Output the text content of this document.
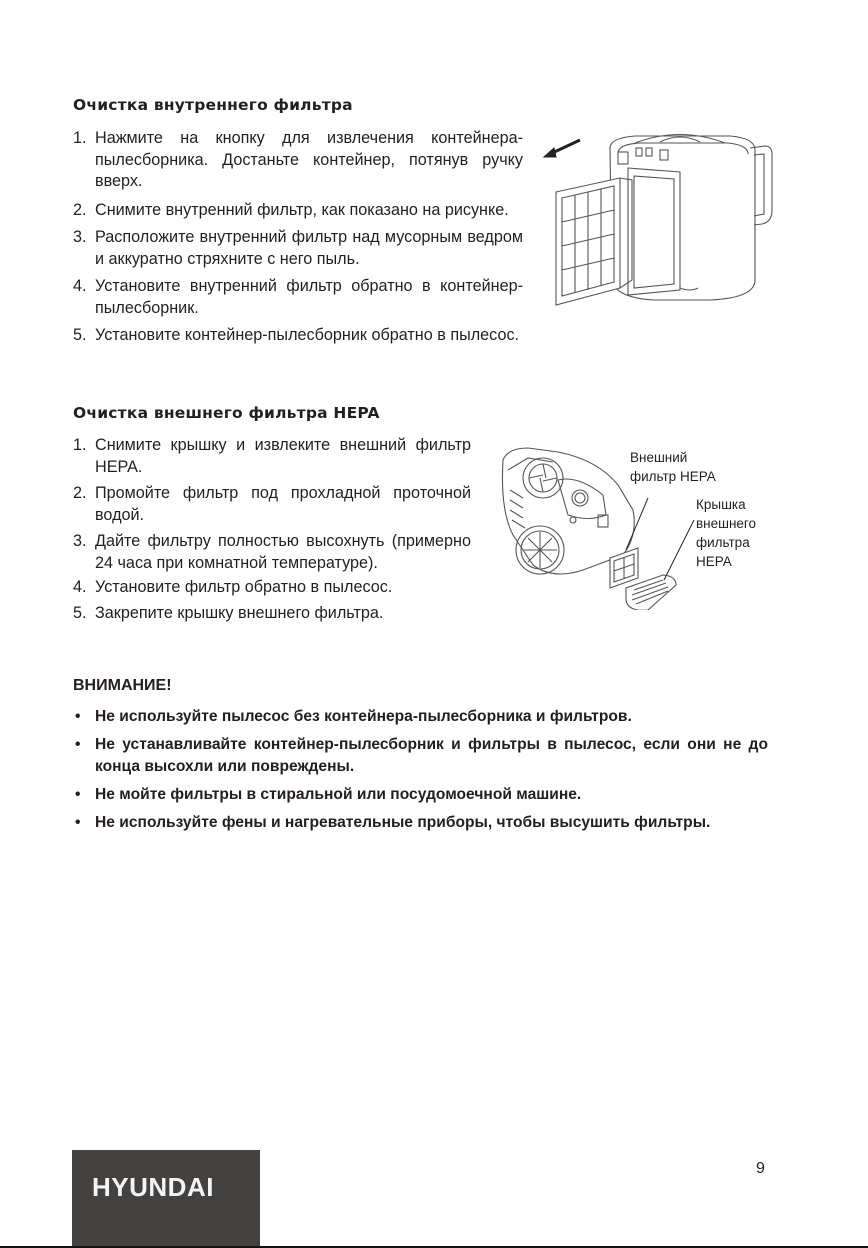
Очистка внутреннего фильтра
1. Нажмите на кнопку для извлечения контейнера-пылесборника. Достаньте контейнер, потянув ручку вверх.
2. Снимите внутренний фильтр, как показано на рисунке.
3. Расположите внутренний фильтр над мусорным ведром и аккуратно стряхните с него пыль.
4. Установите внутренний фильтр обратно в контейнер-пылесборник.
5. Установите контейнер-пылесборник обратно в пылесос.
Очистка внешнего фильтра HEPA
1. Снимите крышку и извлеките внешний фильтр HEPA.
2. Промойте фильтр под прохладной проточной водой.
3. Дайте фильтру полностью высохнуть (примерно 24 часа при комнатной температуре).
4. Установите фильтр обратно в пылесос.
5. Закрепите крышку внешнего фильтра.
Внешний
фильтр HEPA
Крышка
внешнего
фильтра
HEPA
ВНИМАНИЕ!
• Не используйте пылесос без контейнера-пылесборника и фильтров.
• Не устанавливайте контейнер-пылесборник и фильтры в пылесос, если они не до конца высохли или повреждены.
• Не мойте фильтры в стиральной или посудомоечной машине.
• Не используйте фены и нагревательные приборы, чтобы высушить фильтры.
HYUNDAI
9
